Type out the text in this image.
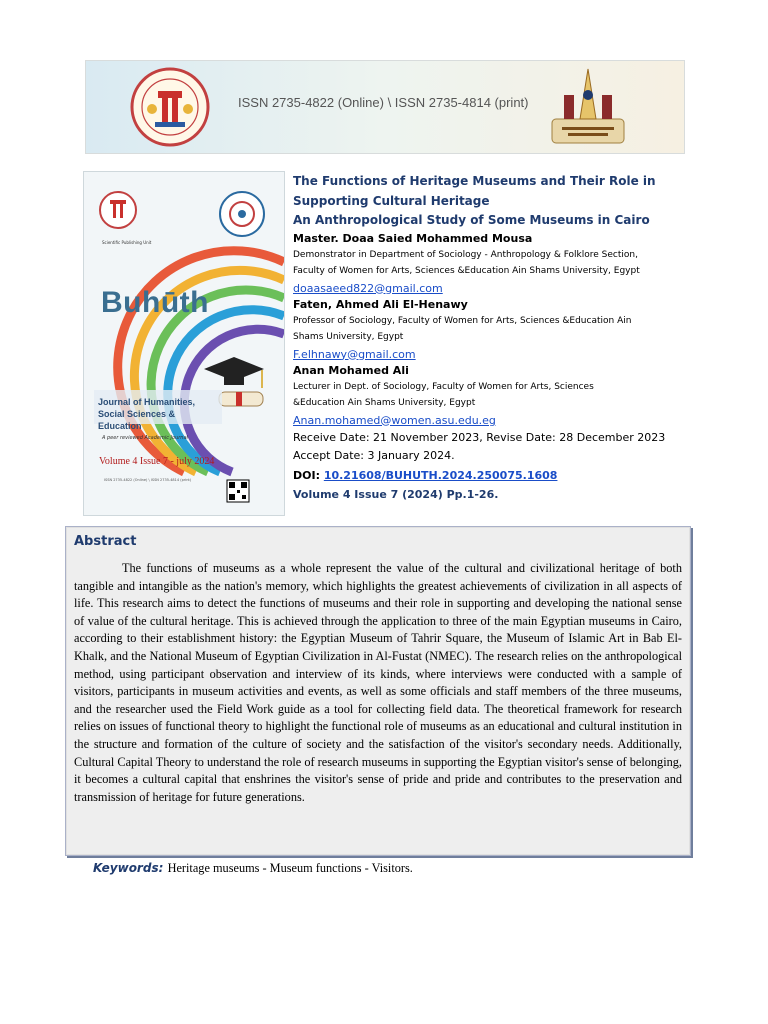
ISSN 2735-4822 (Online) \ ISSN 2735-4814 (print)
Scientific Publishing Unit
Buhūth
Journal of Humanities, Social Sciences & Education
A peer reviewed Academic Journal
Volume 4 Issue 7 - july 2024
ISSN 2735-4822 (Online) \ ISSN 2735-4814 (print)
The Functions of Heritage Museums and Their Role in
Supporting Cultural Heritage
An Anthropological Study of Some Museums in Cairo
Master. Doaa Saied Mohammed Mousa
Demonstrator in Department of Sociology - Anthropology & Folklore Section,
Faculty of Women for Arts, Sciences &Education Ain Shams University, Egypt
doaasaeed822@gmail.com
Faten, Ahmed Ali El-Henawy
Professor of Sociology, Faculty of Women for Arts, Sciences &Education Ain
Shams University, Egypt
F.elhnawy@gmail.com
Anan Mohamed Ali
Lecturer in Dept. of Sociology, Faculty of Women for Arts, Sciences
&Education Ain Shams University, Egypt
Anan.mohamed@women.asu.edu.eg
Receive Date: 21 November 2023, Revise Date: 28 December 2023
Accept Date: 3 January 2024.
DOI: 10.21608/BUHUTH.2024.250075.1608
Volume 4 Issue 7 (2024) Pp.1-26.
Abstract

The functions of museums as a whole represent the value of the cultural and civilizational heritage of both tangible and intangible as the nation's memory, which highlights the greatest achievements of civilization in all aspects of life. This research aims to detect the functions of museums and their role in supporting and developing the national sense of value of the cultural heritage. This is achieved through the application to three of the main Egyptian museums in Cairo, according to their establishment history: the Egyptian Museum of Tahrir Square, the Museum of Islamic Art in Bab El-Khalk, and the National Museum of Egyptian Civilization in Al-Fustat (NMEC). The research relies on the anthropological method, using participant observation and interview of its kinds, where interviews were conducted with a sample of visitors, participants in museum activities and events, as well as some officials and staff members of the three museums, and the researcher used the Field Work guide as a tool for collecting field data. The theoretical framework for research relies on issues of functional theory to highlight the functional role of museums as an educational and cultural institution in the structure and formation of the culture of society and the satisfaction of the visitor's secondary needs. Additionally, Cultural Capital Theory to understand the role of research museums in supporting the Egyptian visitor's sense of belonging, it becomes a cultural capital that enshrines the visitor's sense of pride and pride and contributes to the preservation and transmission of heritage for future generations.

Keywords: Heritage museums - Museum functions - Visitors.
